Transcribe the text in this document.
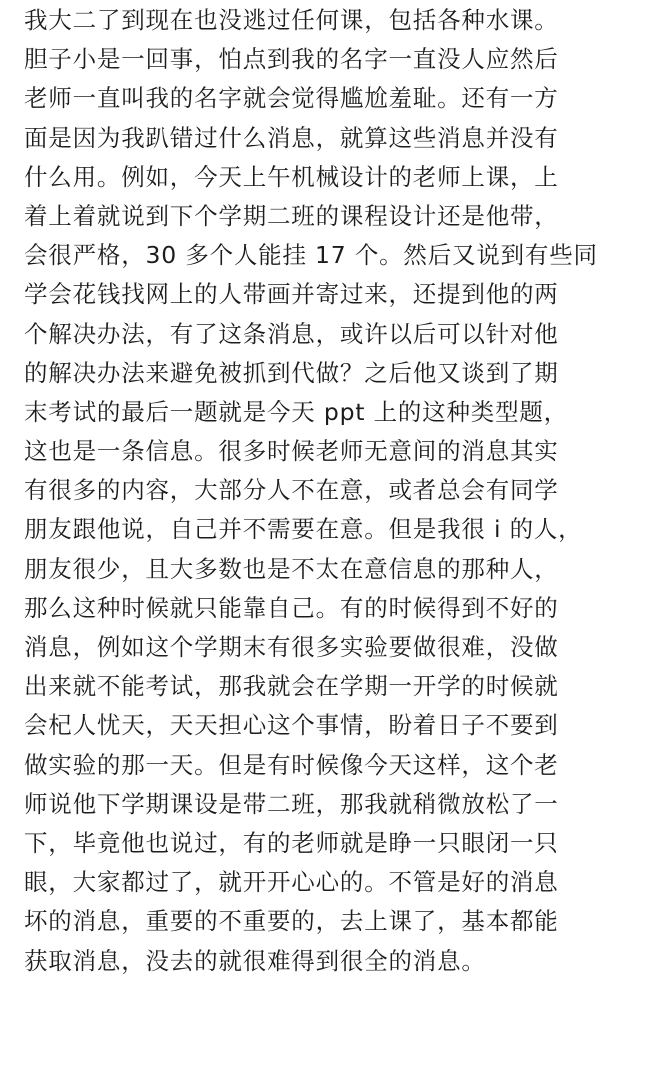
我大二了到现在也没逃过任何课，包括各种水课。
胆子小是一回事，怕点到我的名字一直没人应然后
老师一直叫我的名字就会觉得尴尬羞耻。还有一方
面是因为我趴错过什么消息，就算这些消息并没有
什么用。例如，今天上午机械设计的老师上课，上
着上着就说到下个学期二班的课程设计还是他带，
会很严格，30 多个人能挂 17 个。然后又说到有些同
学会花钱找网上的人带画并寄过来，还提到他的两
个解决办法，有了这条消息，或许以后可以针对他
的解决办法来避免被抓到代做？之后他又谈到了期
末考试的最后一题就是今天 ppt 上的这种类型题，
这也是一条信息。很多时候老师无意间的消息其实
有很多的内容，大部分人不在意，或者总会有同学
朋友跟他说，自己并不需要在意。但是我很 i 的人，
朋友很少，且大多数也是不太在意信息的那种人，
那么这种时候就只能靠自己。有的时候得到不好的
消息，例如这个学期末有很多实验要做很难，没做
出来就不能考试，那我就会在学期一开学的时候就
会杞人忧天，天天担心这个事情，盼着日子不要到
做实验的那一天。但是有时候像今天这样，这个老
师说他下学期课设是带二班，那我就稍微放松了一
下，毕竟他也说过，有的老师就是睁一只眼闭一只
眼，大家都过了，就开开心心的。不管是好的消息
坏的消息，重要的不重要的，去上课了，基本都能
获取消息，没去的就很难得到很全的消息。
